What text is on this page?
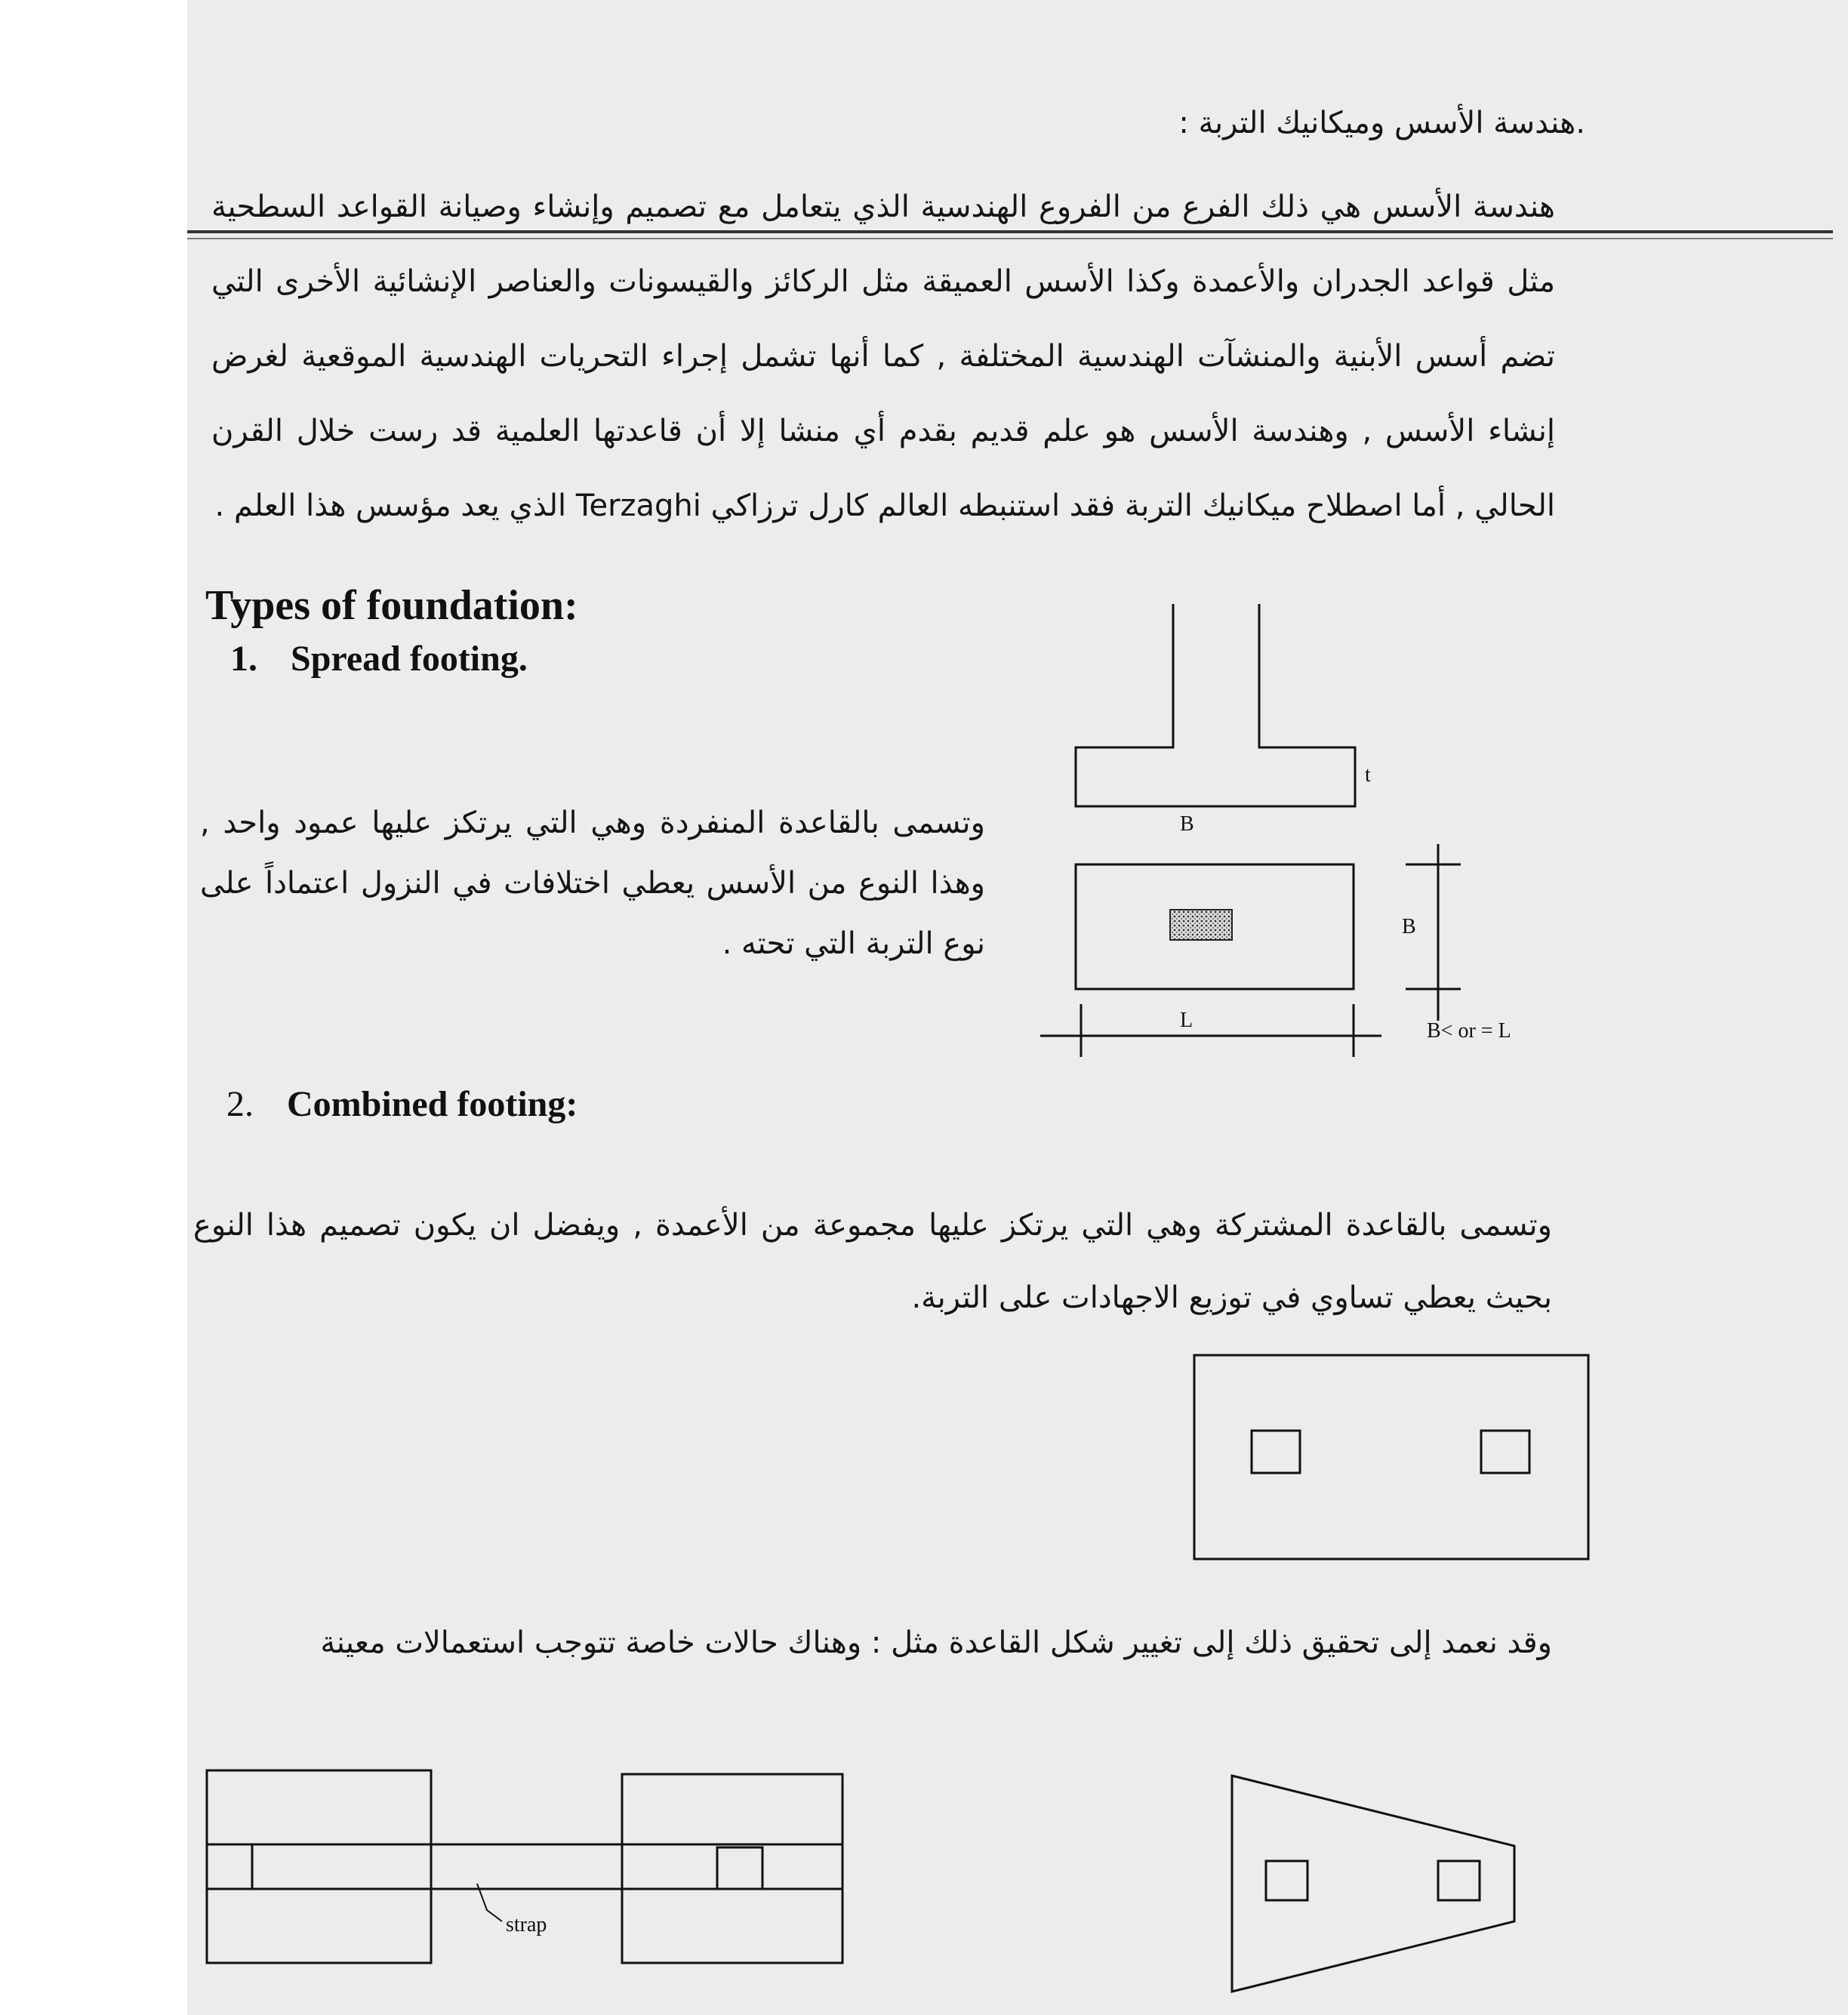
.هندسة الأسس وميكانيك التربة :
هندسة الأسس هي ذلك الفرع من الفروع الهندسية الذي يتعامل مع تصميم وإنشاء وصيانة القواعد السطحية مثل قواعد الجدران والأعمدة وكذا الأسس العميقة مثل الركائز والقيسونات والعناصر الإنشائية الأخرى التي تضم أسس الأبنية والمنشآت الهندسية المختلفة , كما أنها تشمل إجراء التحريات الهندسية الموقعية لغرض إنشاء الأسس , وهندسة الأسس هو علم قديم بقدم أي منشا إلا أن قاعدتها العلمية قد رست خلال القرن الحالي , أما اصطلاح ميكانيك التربة فقد استنبطه العالم كارل ترزاكي Terzaghi الذي يعد مؤسس هذا العلم .
Types of foundation:
1. Spread footing.
وتسمى بالقاعدة المنفردة وهي التي يرتكز عليها عمود واحد , وهذا النوع من الأسس يعطي اختلافات في النزول اعتماداً على نوع التربة التي تحته .
2. Combined footing:
وتسمى بالقاعدة المشتركة وهي التي يرتكز عليها مجموعة من الأعمدة , ويفضل ان يكون تصميم هذا النوع بحيث يعطي تساوي في توزيع الاجهادات على التربة.
وقد نعمد إلى تحقيق ذلك إلى تغيير شكل القاعدة مثل : وهناك حالات خاصة تتوجب استعمالات معينة
t
B
L
B
B< or = L
strap
